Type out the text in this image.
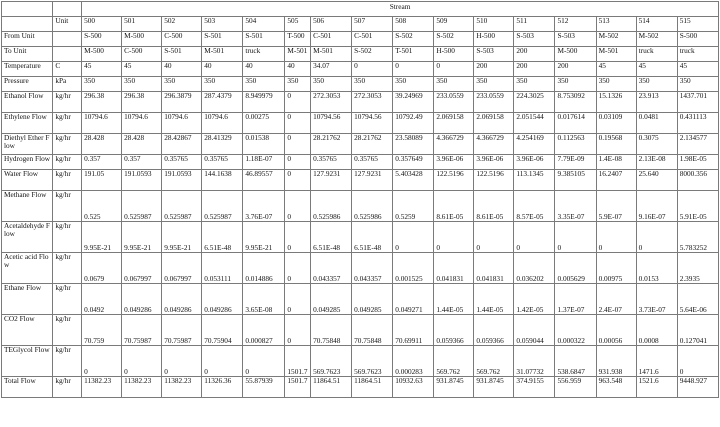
		Stream															
	Unit	500	501	502	503	504	505	506	507	508	509	510	511	512	513	514	515
From Unit		S-500	M-500	C-500	S-501	S-501	T-500	C-501	C-501	S-502	S-502	H-500	S-503	S-503	M-502	M-502	S-500
To Unit		M-500	C-500	S-501	M-501	truck	M-501	M-501	S-502	T-501	H-500	S-503	200	M-500	M-501	truck	truck
Temperature	C	45	45	40	40	40	40	34.07	0	0	0	200	200	200	45	45	45
Pressure	kPa	350	350	350	350	350	350	350	350	350	350	350	350	350	350	350	350
Ethanol Flow	kg/hr	296.38	296.38	296.3879	287.4379	8.949979	0	272.3053	272.3053	39.24969	233.0559	233.0559	224.3025	8.753092	15.1326	23.913	1437.701
Ethylene Flow	kg/hr	10794.6	10794.6	10794.6	10794.6	0.00275	0	10794.56	10794.56	10792.49	2.069158	2.069158	2.051544	0.017614	0.03109	0.0481	0.431113
Diethyl Ether Flow	kg/hr	28.428	28.428	28.42867	28.41329	0.01538	0	28.21762	28.21762	23.58089	4.366729	4.366729	4.254169	0.112563	0.19568	0.3075	2.134577
Hydrogen Flow	kg/hr	0.357	0.357	0.35765	0.35765	1.18E-07	0	0.35765	0.35765	0.357649	3.96E-06	3.96E-06	3.96E-06	7.79E-09	1.4E-08	2.13E-08	1.98E-05
Water Flow	kg/hr	191.05	191.0593	191.0593	144.1638	46.89557	0	127.9231	127.9231	5.403428	122.5196	122.5196	113.1345	9.385105	16.2407	25.640	8000.356
Methane Flow	kg/hr	0.525	0.525987	0.525987	0.525987	3.76E-07	0	0.525986	0.525986	0.5259	8.61E-05	8.61E-05	8.57E-05	3.35E-07	5.9E-07	9.16E-07	5.91E-05
Acetaldehyde Flow	kg/hr	9.95E-21	9.95E-21	9.95E-21	6.51E-48	9.95E-21	0	6.51E-48	6.51E-48	0	0	0	0	0	0	0	5.783252
Acetic acid Flow	kg/hr	0.0679	0.067997	0.067997	0.053111	0.014886	0	0.043357	0.043357	0.001525	0.041831	0.041831	0.036202	0.005629	0.00975	0.0153	2.3935
Ethane Flow	kg/hr	0.0492	0.049286	0.049286	0.049286	3.65E-08	0	0.049285	0.049285	0.049271	1.44E-05	1.44E-05	1.42E-05	1.37E-07	2.4E-07	3.73E-07	5.64E-06
CO2 Flow	kg/hr	70.759	70.75987	70.75987	70.75904	0.000827	0	70.75848	70.75848	70.69911	0.059366	0.059366	0.059044	0.000322	0.00056	0.0008	0.127041
TEGlycol Flow	kg/hr	0	0	0	0	0	1501.7	569.7623	569.7623	0.000283	569.762	569.762	31.07732	538.6847	931.938	1471.6	0
Total Flow	kg/hr	11382.23	11382.23	11382.23	11326.36	55.87939	1501.7	11864.51	11864.51	10932.63	931.8745	931.8745	374.9155	556.959	963.548	1521.6	9448.927
